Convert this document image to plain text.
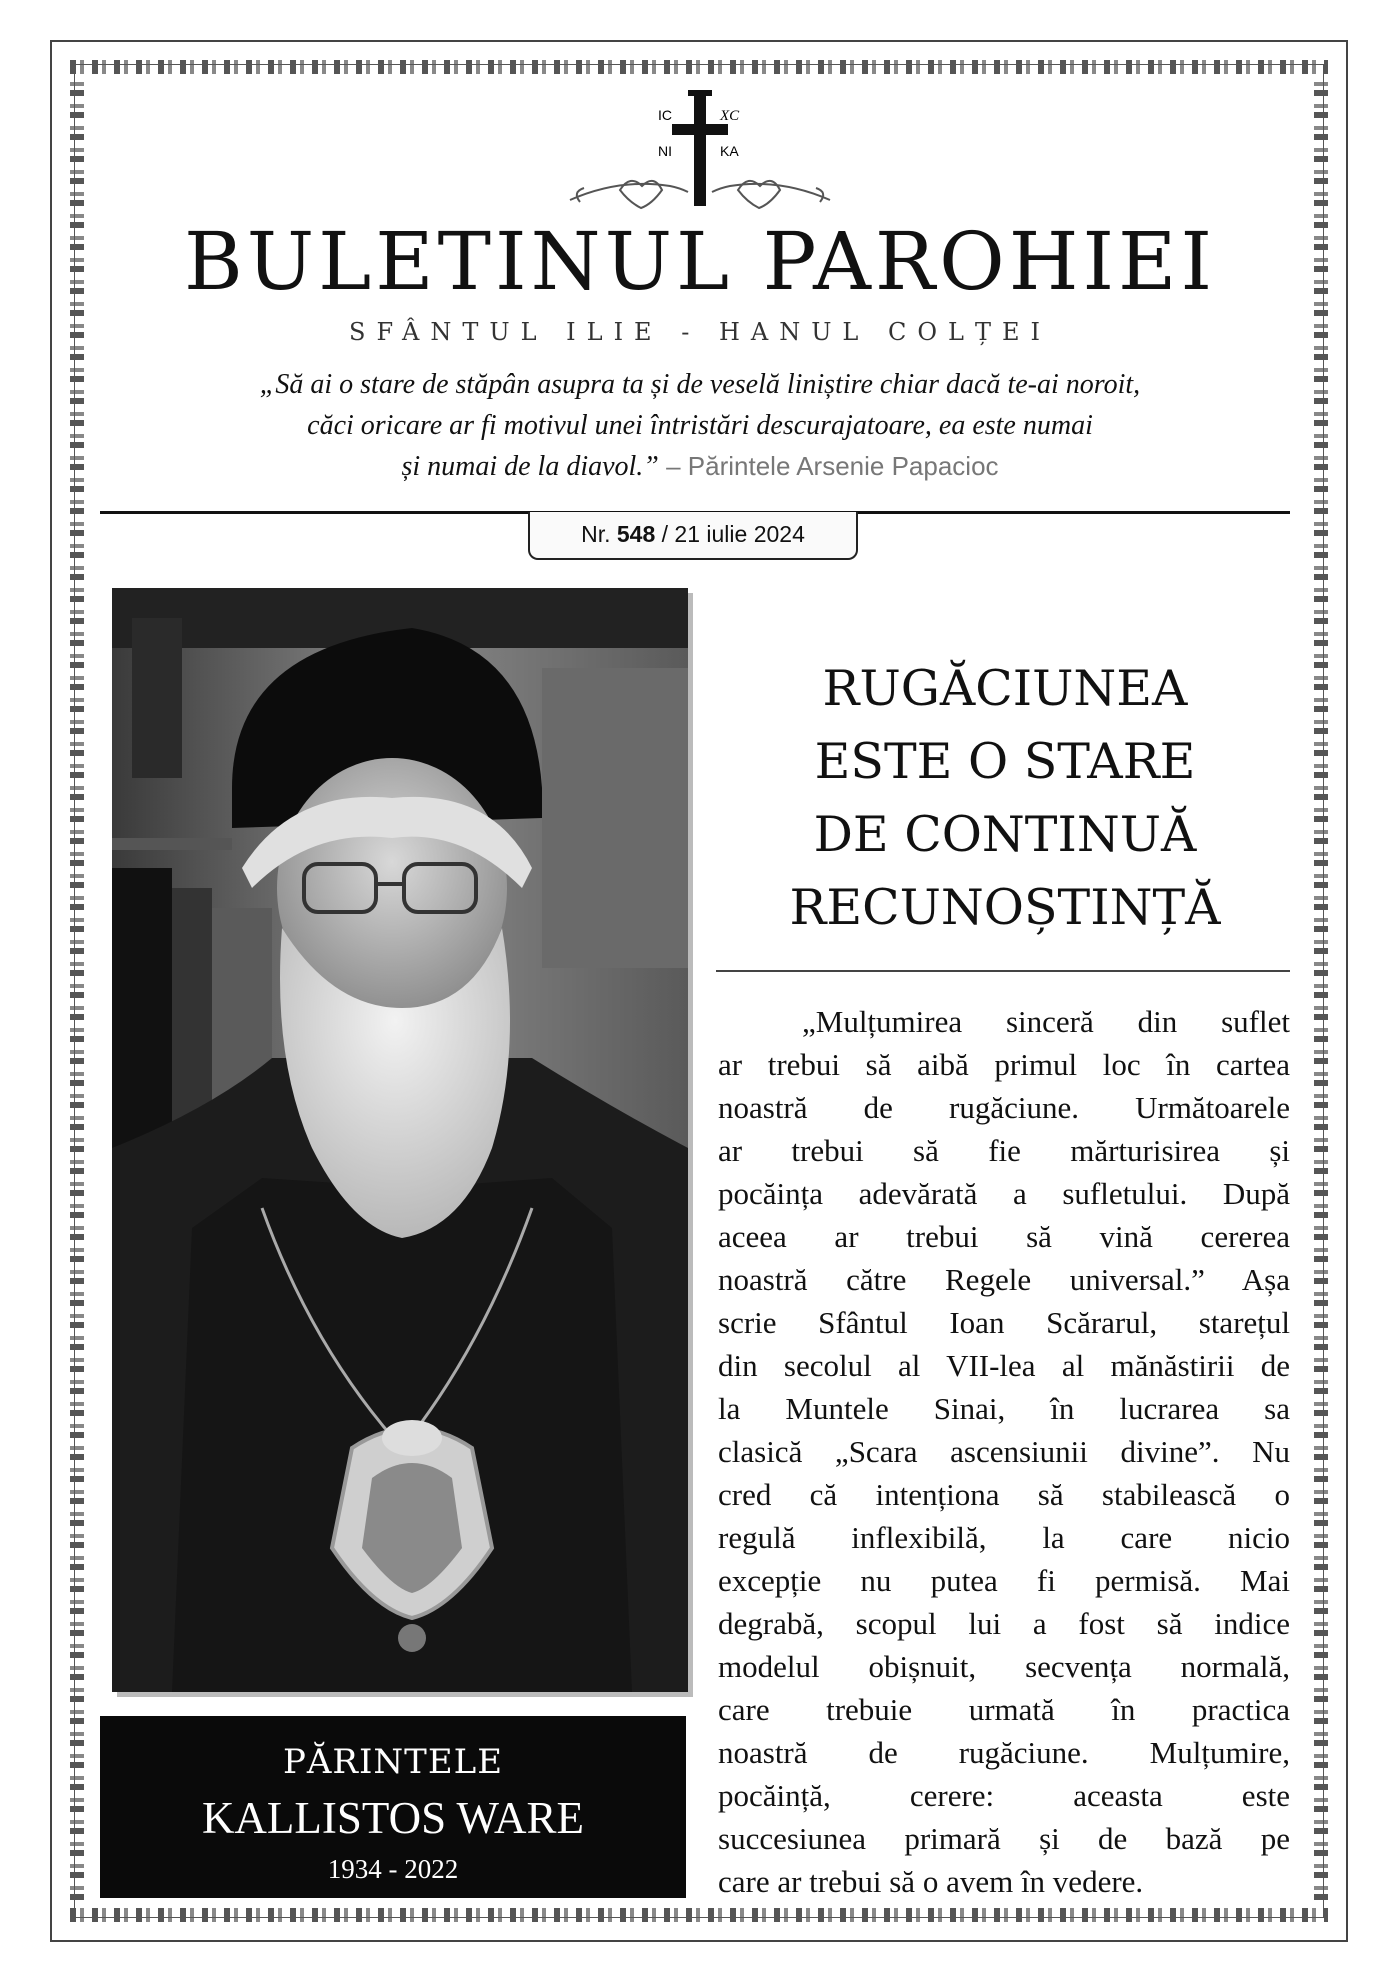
IC	XC
NI	KA
BULETINUL PAROHIEI
SFÂNTUL ILIE - HANUL COLȚEI
„Să ai o stare de stăpân asupra ta și de veselă liniștire chiar dacă te-ai noroit,
căci oricare ar fi motivul unei întristări descurajatoare, ea este numai
și numai de la diavol.” – Părintele Arsenie Papacioc
Nr. 548 / 21 iulie 2024
PĂRINTELE
KALLISTOS WARE
1934 - 2022
RUGĂCIUNEA
ESTE O STARE
DE CONTINUĂ
RECUNOȘTINȚĂ
„Mulțumirea sinceră din suflet
ar trebui să aibă primul loc în cartea
noastră de rugăciune. Următoarele
ar trebui să fie mărturisirea și
pocăința adevărată a sufletului. După
aceea ar trebui să vină cererea
noastră către Regele universal.” Așa
scrie Sfântul Ioan Scărarul, starețul
din secolul al VII-lea al mănăstirii de
la Muntele Sinai, în lucrarea sa
clasică „Scara ascensiunii divine”. Nu
cred că intenționa să stabilească o
regulă inflexibilă, la care nicio
excepție nu putea fi permisă. Mai
degrabă, scopul lui a fost să indice
modelul obișnuit, secvența normală,
care trebuie urmată în practica
noastră de rugăciune. Mulțumire,
pocăință, cerere: aceasta este
succesiunea primară și de bază pe
care ar trebui să o avem în vedere.
